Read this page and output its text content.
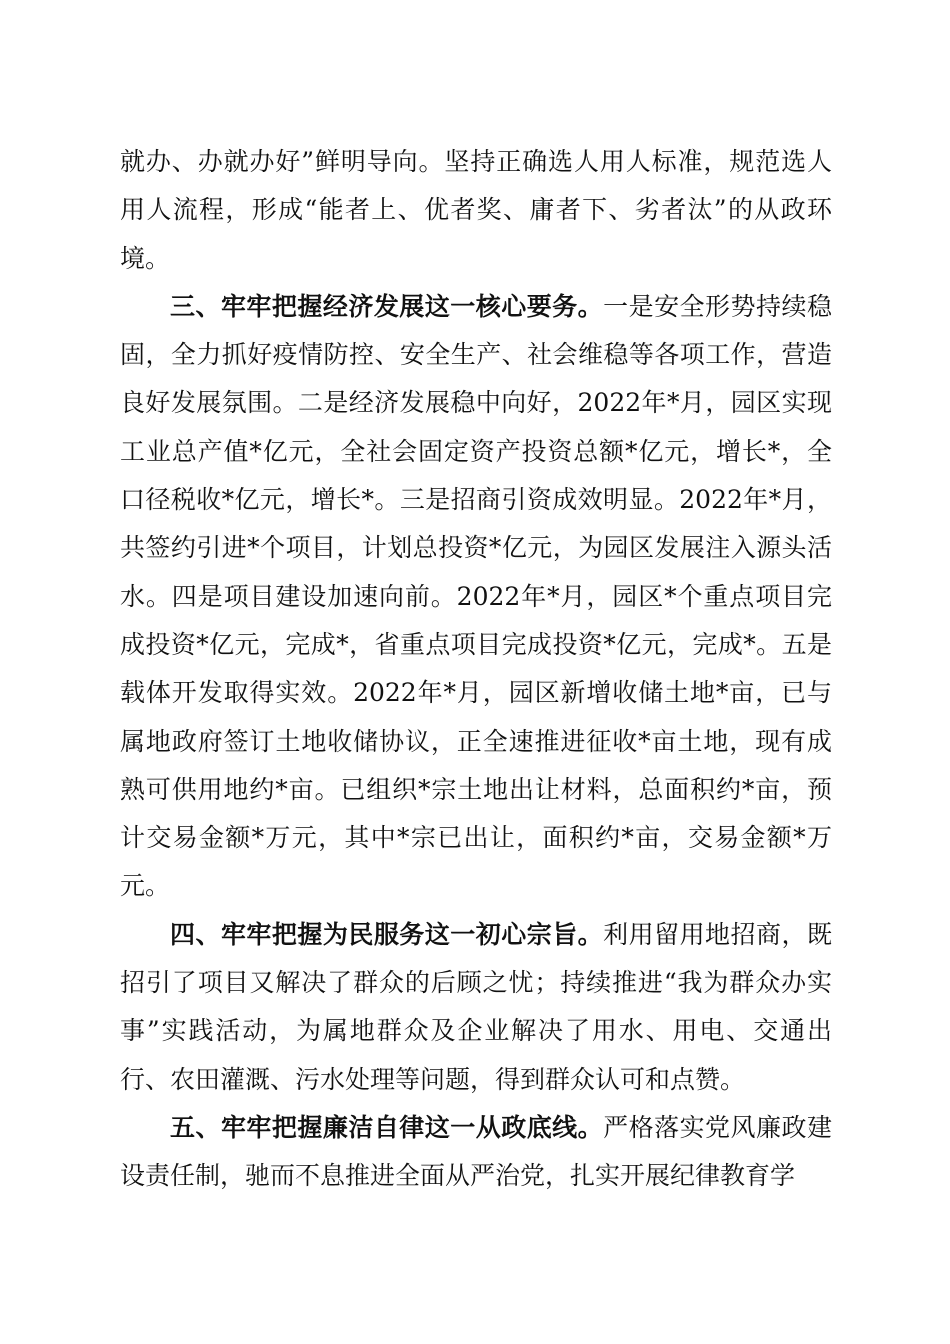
就办、办就办好”鲜明导向。坚持正确选人用人标准，规范选人用人流程，形成“能者上、优者奖、庸者下、劣者汰”的从政环境。

三、牢牢把握经济发展这一核心要务。一是安全形势持续稳固，全力抓好疫情防控、安全生产、社会维稳等各项工作，营造良好发展氛围。二是经济发展稳中向好，2022年*月，园区实现工业总产值*亿元，全社会固定资产投资总额*亿元，增长*，全口径税收*亿元，增长*。三是招商引资成效明显。2022年*月，共签约引进*个项目，计划总投资*亿元，为园区发展注入源头活水。四是项目建设加速向前。2022年*月，园区*个重点项目完成投资*亿元，完成*，省重点项目完成投资*亿元，完成*。五是载体开发取得实效。2022年*月，园区新增收储土地*亩，已与属地政府签订土地收储协议，正全速推进征收*亩土地，现有成熟可供用地约*亩。已组织*宗土地出让材料，总面积约*亩，预计交易金额*万元，其中*宗已出让，面积约*亩，交易金额*万元。

四、牢牢把握为民服务这一初心宗旨。利用留用地招商，既招引了项目又解决了群众的后顾之忧；持续推进“我为群众办实事”实践活动，为属地群众及企业解决了用水、用电、交通出行、农田灌溉、污水处理等问题，得到群众认可和点赞。

五、牢牢把握廉洁自律这一从政底线。严格落实党风廉政建设责任制，驰而不息推进全面从严治党，扎实开展纪律教育学
